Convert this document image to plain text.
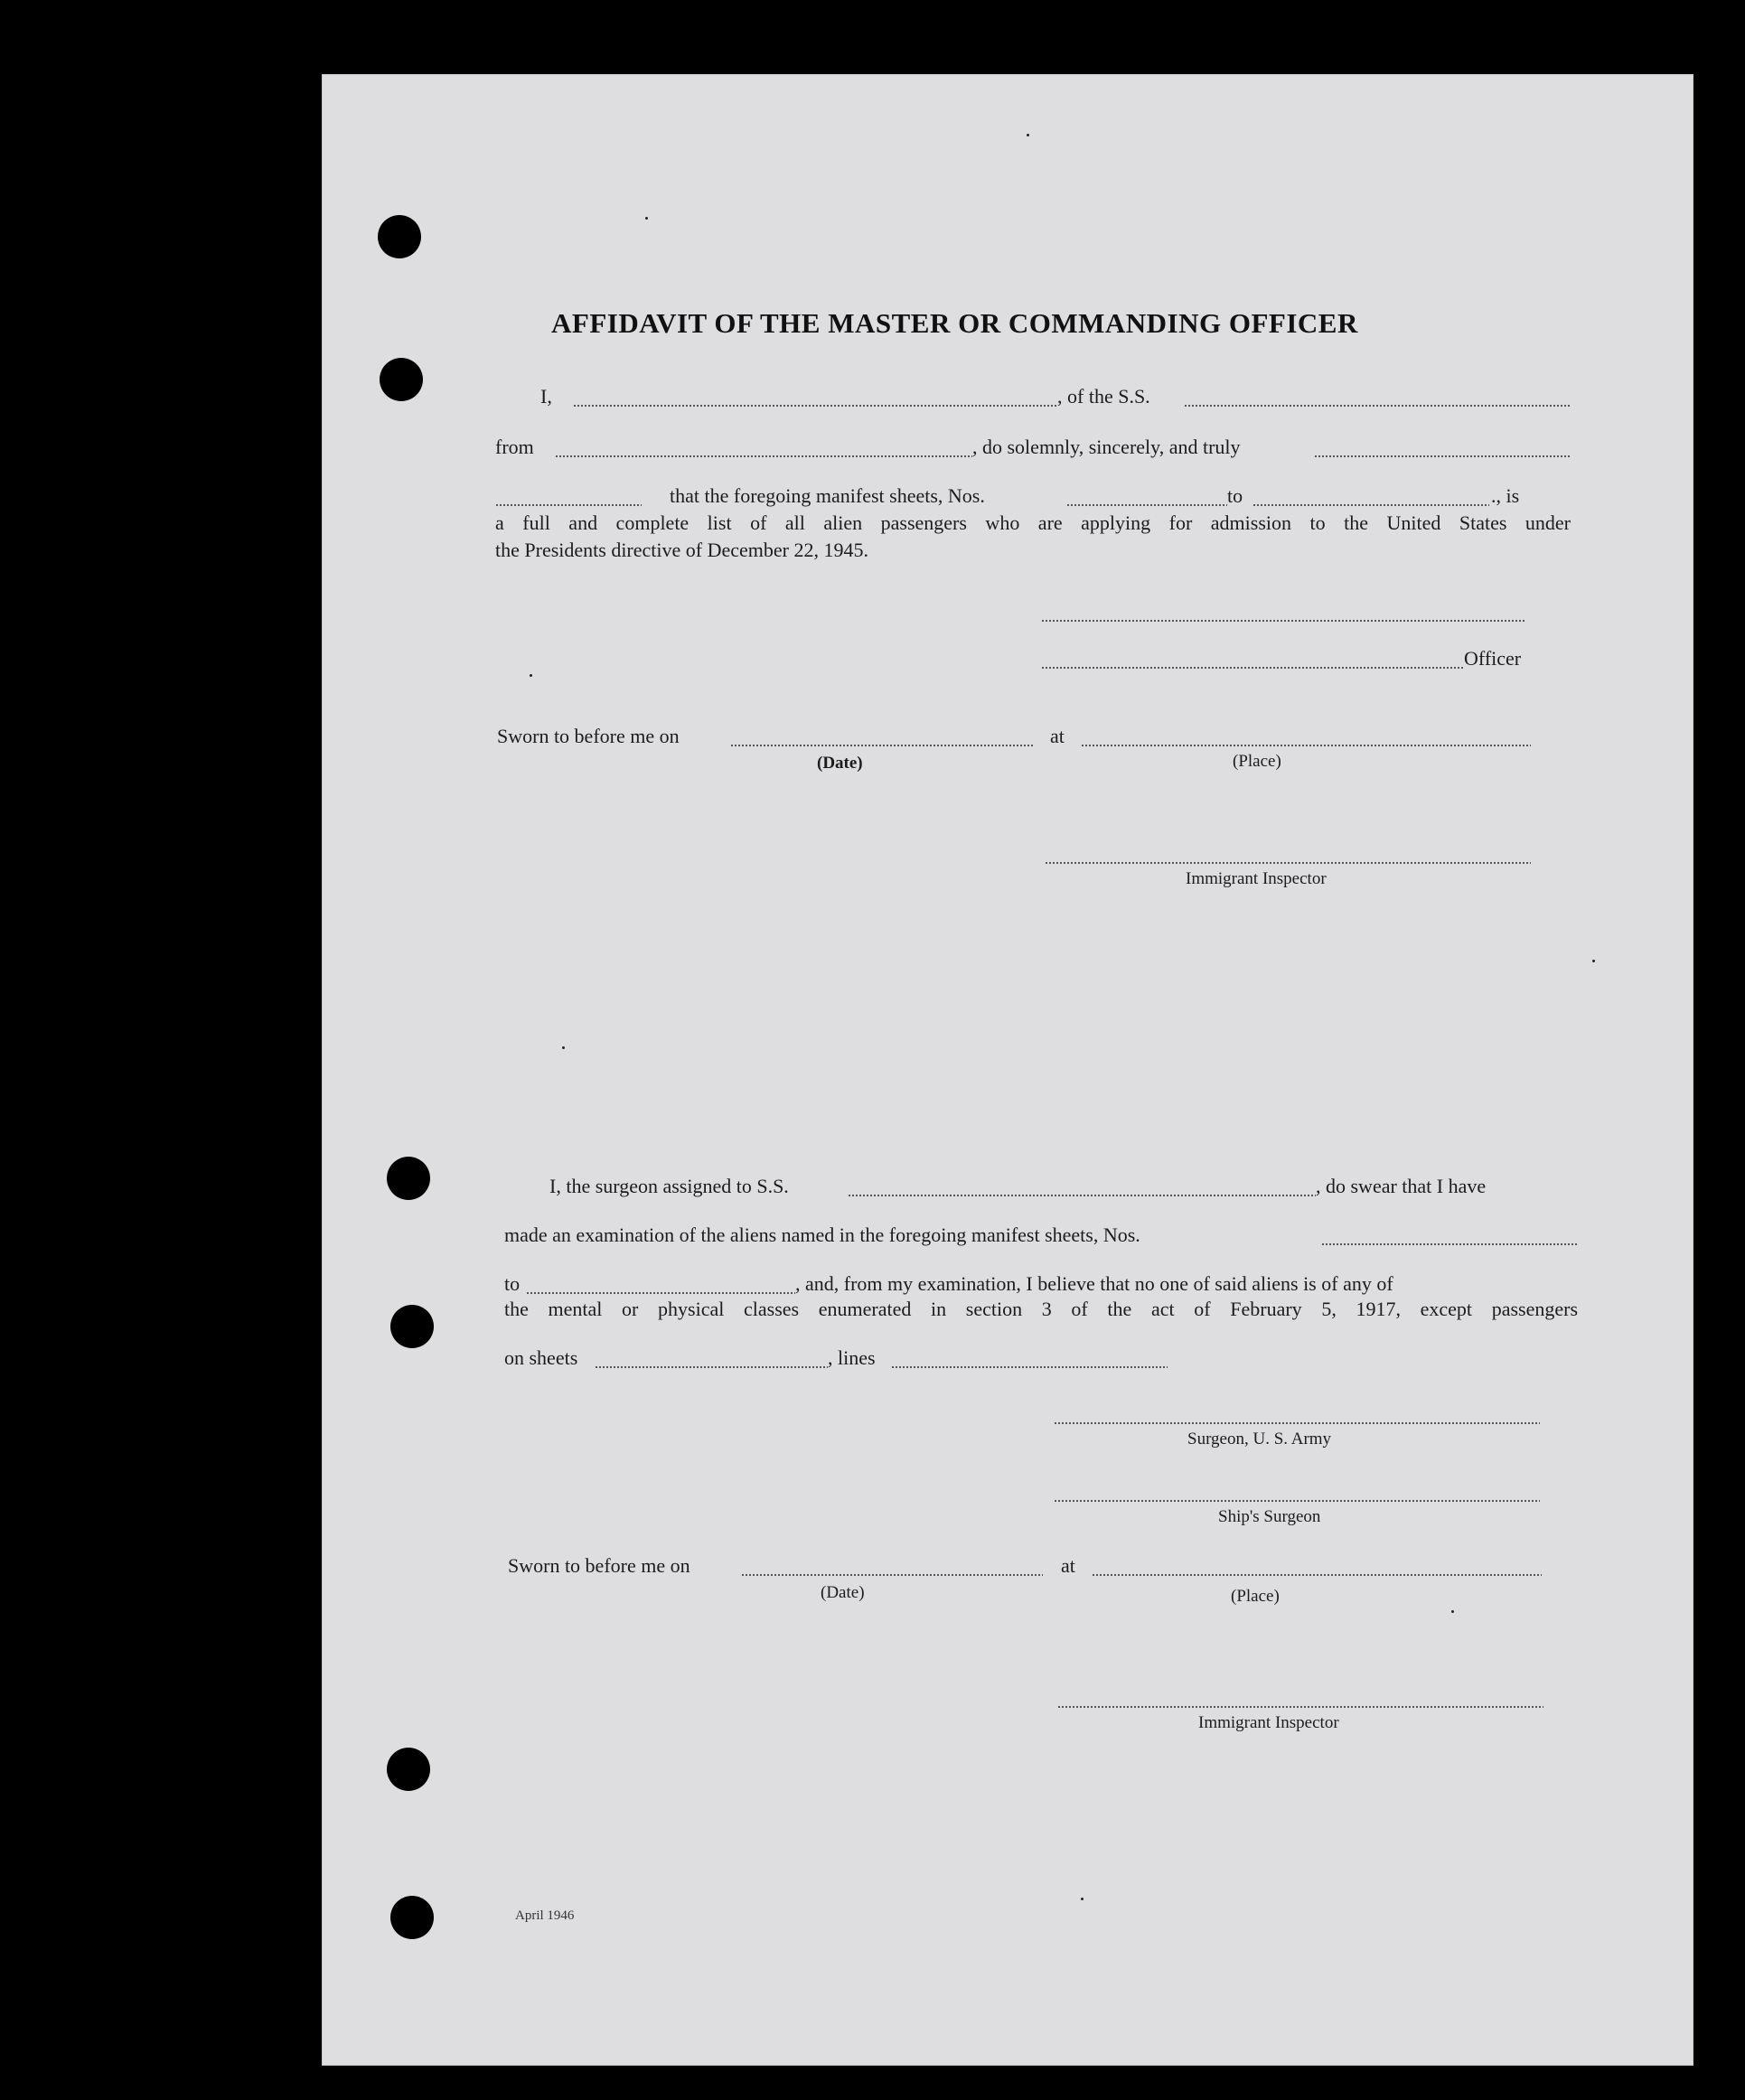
AFFIDAVIT OF THE MASTER OR COMMANDING OFFICER
I,	, of the S.S.
from	, do solemnly, sincerely, and truly
that the foregoing manifest sheets, Nos.	to	., is
a full and complete list of all alien passengers who are applying for admission to the United States under
the Presidents directive of December 22, 1945.
Officer
Sworn to before me on	at
(Date)	(Place)
Immigrant Inspector
I, the surgeon assigned to S.S.	, do swear that I have
made an examination of the aliens named in the foregoing manifest sheets, Nos.
to	, and, from my examination, I believe that no one of said aliens is of any of
the mental or physical classes enumerated in section 3 of the act of February 5, 1917, except passengers
on sheets	, lines
Surgeon, U. S. Army
Ship's Surgeon
Sworn to before me on	at
(Date)	(Place)
Immigrant Inspector
April 1946
